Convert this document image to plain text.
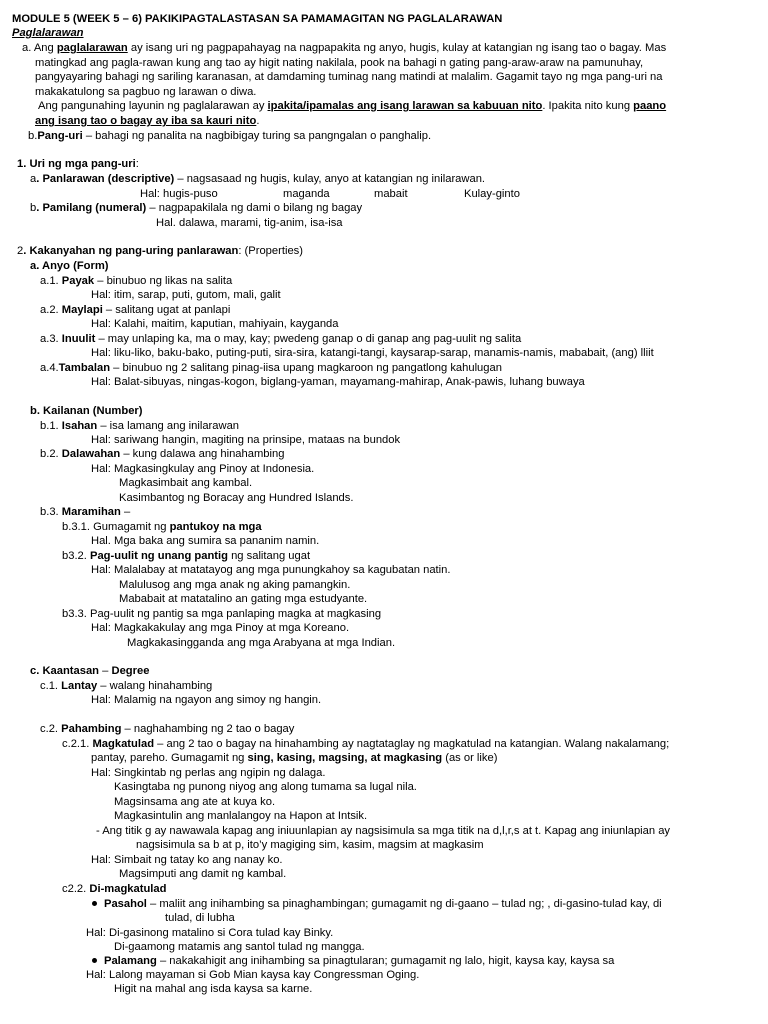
MODULE 5 (WEEK 5 – 6) PAKIKIPAGTALASTASAN SA PAMAMAGITAN NG PAGLALARAWAN
Paglalarawan
a. Ang paglalarawan ay isang uri ng pagpapahayag na nagpapakita ng anyo, hugis, kulay at katangian ng isang tao o bagay. Mas
matingkad ang pagla-rawan kung ang tao ay higit nating nakilala, pook na bahagi n gating pang-araw-araw na pamunuhay,
pangyayaring bahagi ng sariling karanasan, at damdaming tuminag nang matindi at malalim. Gagamit tayo ng mga pang-uri na
makakatulong sa pagbuo ng larawan o diwa.
Ang pangunahing layunin ng paglalarawan ay ipakita/ipamalas ang isang larawan sa kabuuan nito. Ipakita nito kung paano
ang isang tao o bagay ay iba sa kauri nito.
b.Pang-uri – bahagi ng panalita na nagbibigay turing sa pangngalan o panghalip.
1. Uri ng mga pang-uri:
a. Panlarawan (descriptive) – nagsasaad ng hugis, kulay, anyo at katangian ng inilarawan.
Hal: hugis-puso	maganda	mabait	Kulay-ginto
b. Pamilang (numeral) – nagpapakilala ng dami o bilang ng bagay
Hal. dalawa, marami, tig-anim, isa-isa
2. Kakanyahan ng pang-uring panlarawan: (Properties)
a. Anyo (Form)
a.1. Payak – binubuo ng likas na salita
Hal: itim, sarap, puti, gutom, mali, galit
a.2. Maylapi – salitang ugat at panlapi
Hal: Kalahi, maitim, kaputian, mahiyain, kayganda
a.3. Inuulit – may unlaping ka, ma o may, kay; pwedeng ganap o di ganap ang pag-uulit ng salita
Hal: liku-liko, baku-bako, puting-puti, sira-sira, katangi-tangi, kaysarap-sarap, manamis-namis, mababait, (ang) lliit
a.4.Tambalan – binubuo ng 2 salitang pinag-iisa upang magkaroon ng pangatlong kahulugan
Hal: Balat-sibuyas, ningas-kogon, biglang-yaman, mayamang-mahirap, Anak-pawis, luhang buwaya
b. Kailanan (Number)
b.1. Isahan – isa lamang ang inilarawan
Hal: sariwang hangin, magiting na prinsipe, mataas na bundok
b.2. Dalawahan – kung dalawa ang hinahambing
Hal: Magkasingkulay ang Pinoy at Indonesia.
Magkasimbait ang kambal.
Kasimbantog ng Boracay ang Hundred Islands.
b.3. Maramihan –
b.3.1. Gumagamit ng pantukoy na mga
Hal. Mga baka ang sumira sa pananim namin.
b3.2. Pag-uulit ng unang pantig ng salitang ugat
Hal: Malalabay at matatayog ang mga punungkahoy sa kagubatan natin.
Malulusog ang mga anak ng aking pamangkin.
Mababait at matatalino an gating mga estudyante.
b3.3. Pag-uulit ng pantig sa mga panlaping magka at magkasing
Hal: Magkakakulay ang mga Pinoy at mga Koreano.
Magkakasingganda ang mga Arabyana at mga Indian.
c. Kaantasan – Degree
c.1. Lantay – walang hinahambing
Hal: Malamig na ngayon ang simoy ng hangin.
c.2. Pahambing – naghahambing ng 2 tao o bagay
c.2.1. Magkatulad – ang 2 tao o bagay na hinahambing ay nagtataglay ng magkatulad na katangian. Walang nakalamang;
pantay, pareho. Gumagamit ng sing, kasing, magsing, at magkasing (as or like)
Hal: Singkintab ng perlas ang ngipin ng dalaga.
Kasingtaba ng punong niyog ang along tumama sa lugal nila.
Magsinsama ang ate at kuya ko.
Magkasintulin ang manlalangoy na Hapon at Intsik.
- Ang titik g ay nawawala kapag ang iniuunlapian ay nagsisimula sa mga titik na d,l,r,s at t. Kapag ang iniunlapian ay
nagsisimula sa b at p, ito’y magiging sim, kasim, magsim at magkasim
Hal: Simbait ng tatay ko ang nanay ko.
Magsimputi ang damit ng kambal.
c2.2. Di-magkatulad
Pasahol – maliit ang inihambing sa pinaghambingan; gumagamit ng di-gaano – tulad ng; , di-gasino-tulad kay, di
tulad, di lubha
Hal: Di-gasinong matalino si Cora tulad kay Binky.
Di-gaamong matamis ang santol tulad ng mangga.
Palamang – nakakahigit ang inihambing sa pinagtularan; gumagamit ng lalo, higit, kaysa kay, kaysa sa
Hal: Lalong mayaman si Gob Mian kaysa kay Congressman Oging.
Higit na mahal ang isda kaysa sa karne.
